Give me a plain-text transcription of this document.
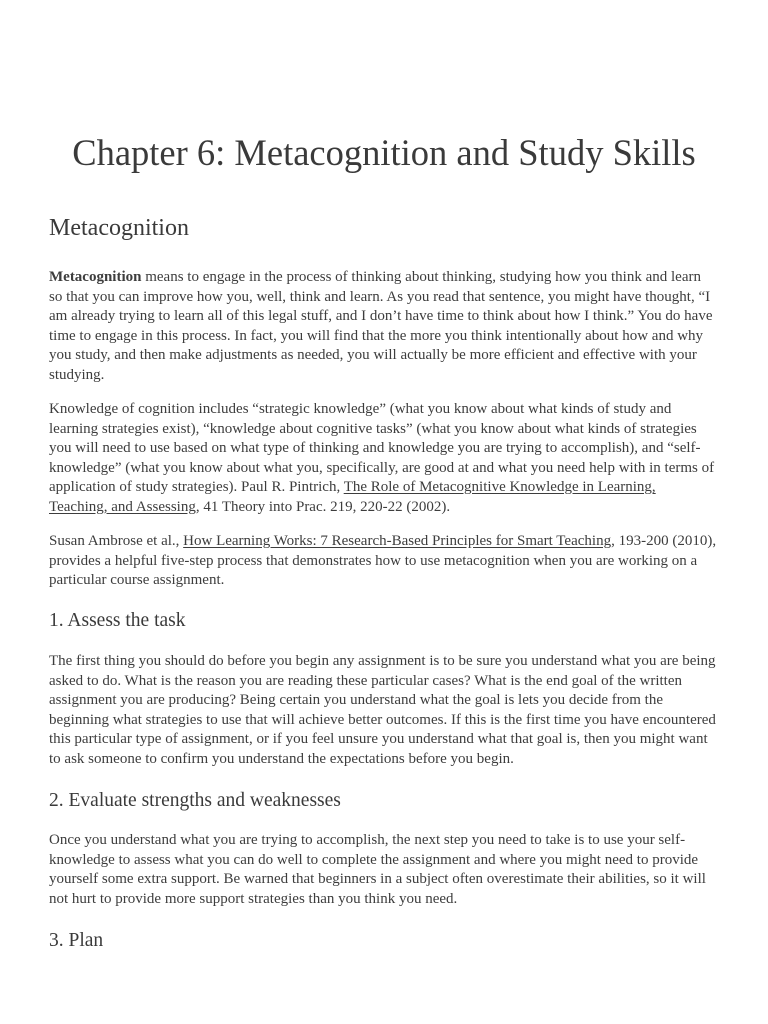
Chapter 6: Metacognition and Study Skills
Metacognition

Metacognition means to engage in the process of thinking about thinking, studying how you think and learn so that you can improve how you, well, think and learn. As you read that sentence, you might have thought, “I am already trying to learn all of this legal stuff, and I don’t have time to think about how I think.” You do have time to engage in this process. In fact, you will find that the more you think intentionally about how and why you study, and then make adjustments as needed, you will actually be more efficient and effective with your studying.

Knowledge of cognition includes “strategic knowledge” (what you know about what kinds of study and learning strategies exist), “knowledge about cognitive tasks” (what you know about what kinds of strategies you will need to use based on what type of thinking and knowledge you are trying to accomplish), and “self-knowledge” (what you know about what you, specifically, are good at and what you need help with in terms of application of study strategies). Paul R. Pintrich, The Role of Metacognitive Knowledge in Learning, Teaching, and Assessing, 41 Theory into Prac. 219, 220-22 (2002).

Susan Ambrose et al., How Learning Works: 7 Research-Based Principles for Smart Teaching, 193-200 (2010), provides a helpful five-step process that demonstrates how to use metacognition when you are working on a particular course assignment.

1. Assess the task

The first thing you should do before you begin any assignment is to be sure you understand what you are being asked to do. What is the reason you are reading these particular cases? What is the end goal of the written assignment you are producing? Being certain you understand what the goal is lets you decide from the beginning what strategies to use that will achieve better outcomes. If this is the first time you have encountered this particular type of assignment, or if you feel unsure you understand what that goal is, then you might want to ask someone to confirm you understand the expectations before you begin.

2. Evaluate strengths and weaknesses

Once you understand what you are trying to accomplish, the next step you need to take is to use your self-knowledge to assess what you can do well to complete the assignment and where you might need to provide yourself some extra support. Be warned that beginners in a subject often overestimate their abilities, so it will not hurt to provide more support strategies than you think you need.

3. Plan
